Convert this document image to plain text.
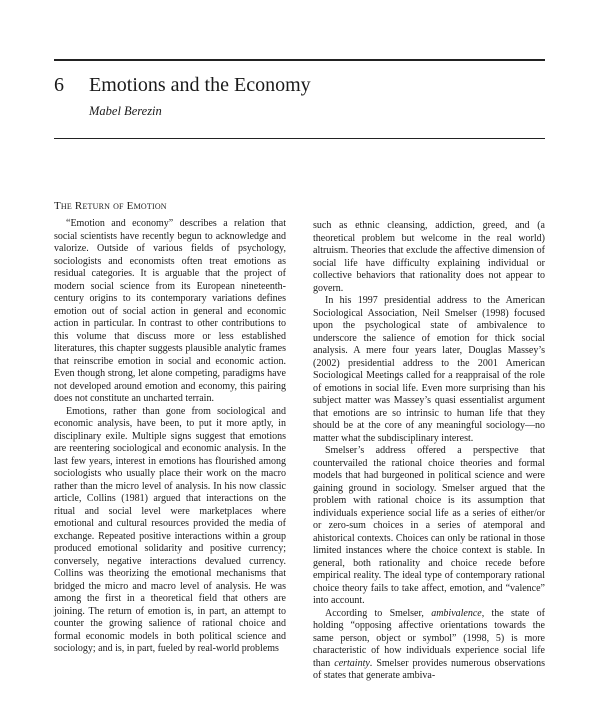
6 Emotions and the Economy
Mabel Berezin
The Return of Emotion

“Emotion and economy” describes a relation that social scientists have recently begun to acknowledge and valorize. Outside of various fields of psychology, sociologists and economists often treat emotions as residual categories. It is arguable that the project of modern social science from its European nineteenth-century origins to its contemporary variations defines emotion out of social action in general and economic action in particular. In contrast to other contributions to this volume that discuss more or less established literatures, this chapter suggests plausible analytic frames that reinscribe emotion in social and economic action. Even though strong, let alone competing, paradigms have not developed around emotion and economy, this pairing does not constitute an uncharted terrain.

Emotions, rather than gone from sociological and economic analysis, have been, to put it more aptly, in disciplinary exile. Multiple signs suggest that emotions are reentering sociological and economic analysis. In the last few years, interest in emotions has flourished among sociologists who usually place their work on the macro rather than the micro level of analysis. In his now classic article, Collins (1981) argued that interactions on the ritual and social level were marketplaces where emotional and cultural resources provided the media of exchange. Repeated positive interactions within a group produced emotional solidarity and positive currency; conversely, negative interactions devalued currency. Collins was theorizing the emotional mechanisms that bridged the micro and macro level of analysis. He was among the first in a theoretical field that others are joining. The return of emotion is, in part, an attempt to counter the growing salience of rational choice and formal economic models in both political science and sociology; and is, in part, fueled by real-world problems

such as ethnic cleansing, addiction, greed, and (a theoretical problem but welcome in the real world) altruism. Theories that exclude the affective dimension of social life have difficulty explaining individual or collective behaviors that rationality does not appear to govern.

In his 1997 presidential address to the American Sociological Association, Neil Smelser (1998) focused upon the psychological state of ambivalence to underscore the salience of emotion for thick social analysis. A mere four years later, Douglas Massey’s (2002) presidential address to the 2001 American Sociological Meetings called for a reappraisal of the role of emotions in social life. Even more surprising than his subject matter was Massey’s quasi essentialist argument that emotions are so intrinsic to human life that they should be at the core of any meaningful sociology—no matter what the subdisciplinary interest.

Smelser’s address offered a perspective that countervailed the rational choice theories and formal models that had burgeoned in political science and were gaining ground in sociology. Smelser argued that the problem with rational choice is its assumption that individuals experience social life as a series of either/or or zero-sum choices in a series of atemporal and ahistorical contexts. Choices can only be rational in those limited instances where the choice context is stable. In general, both rationality and choice recede before empirical reality. The ideal type of contemporary rational choice theory fails to take affect, emotion, and “valence” into account.

According to Smelser, ambivalence, the state of holding “opposing affective orientations towards the same person, object or symbol” (1998, 5) is more characteristic of how individuals experience social life than certainty. Smelser provides numerous observations of states that generate ambiva-
